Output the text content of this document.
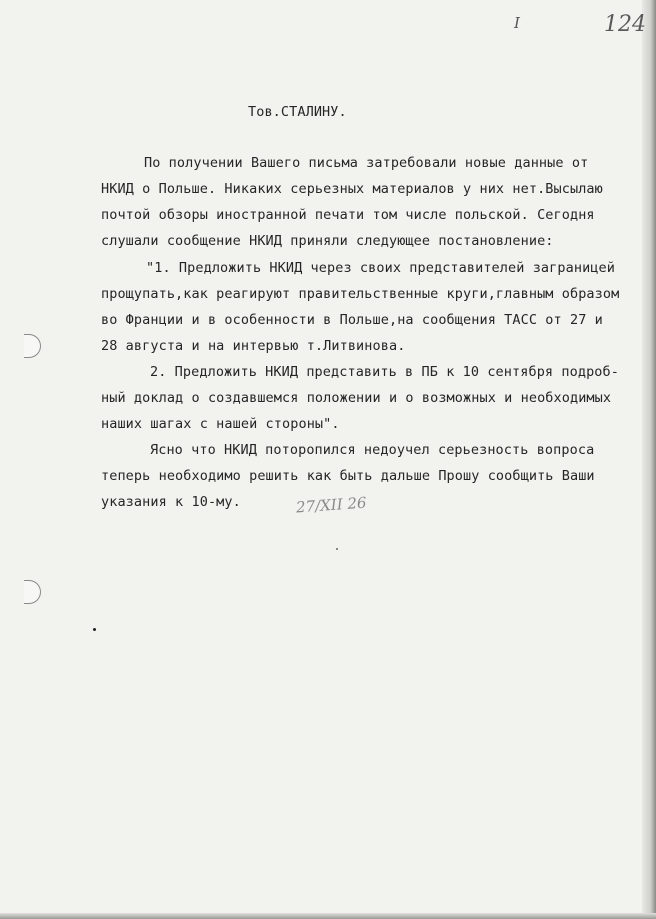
I	124
Тов.СТАЛИНУ.
По получении Вашего письма затребовали новые данные от
НКИД о Польше. Никаких серьезных материалов у них нет.Высылаю
почтой обзоры иностранной печати том числе польской. Сегодня
слушали сообщение НКИД приняли следующее постановление:
"1. Предложить НКИД через своих представителей заграницей
прощупать,как реагируют правительственные круги,главным образом
во Франции и в особенности в Польше,на сообщения ТАСС от 27 и
28 августа и на интервью т.Литвинова.
2. Предложить НКИД представить в ПБ к 10 сентября подроб-
ный доклад о создавшемся положении и о возможных и необходимых
наших шагах с нашей стороны".
Ясно что НКИД поторопился недоучел серьезность вопроса
теперь необходимо решить как быть дальше Прошу сообщить Ваши
указания к 10-му.	27/XII 26
